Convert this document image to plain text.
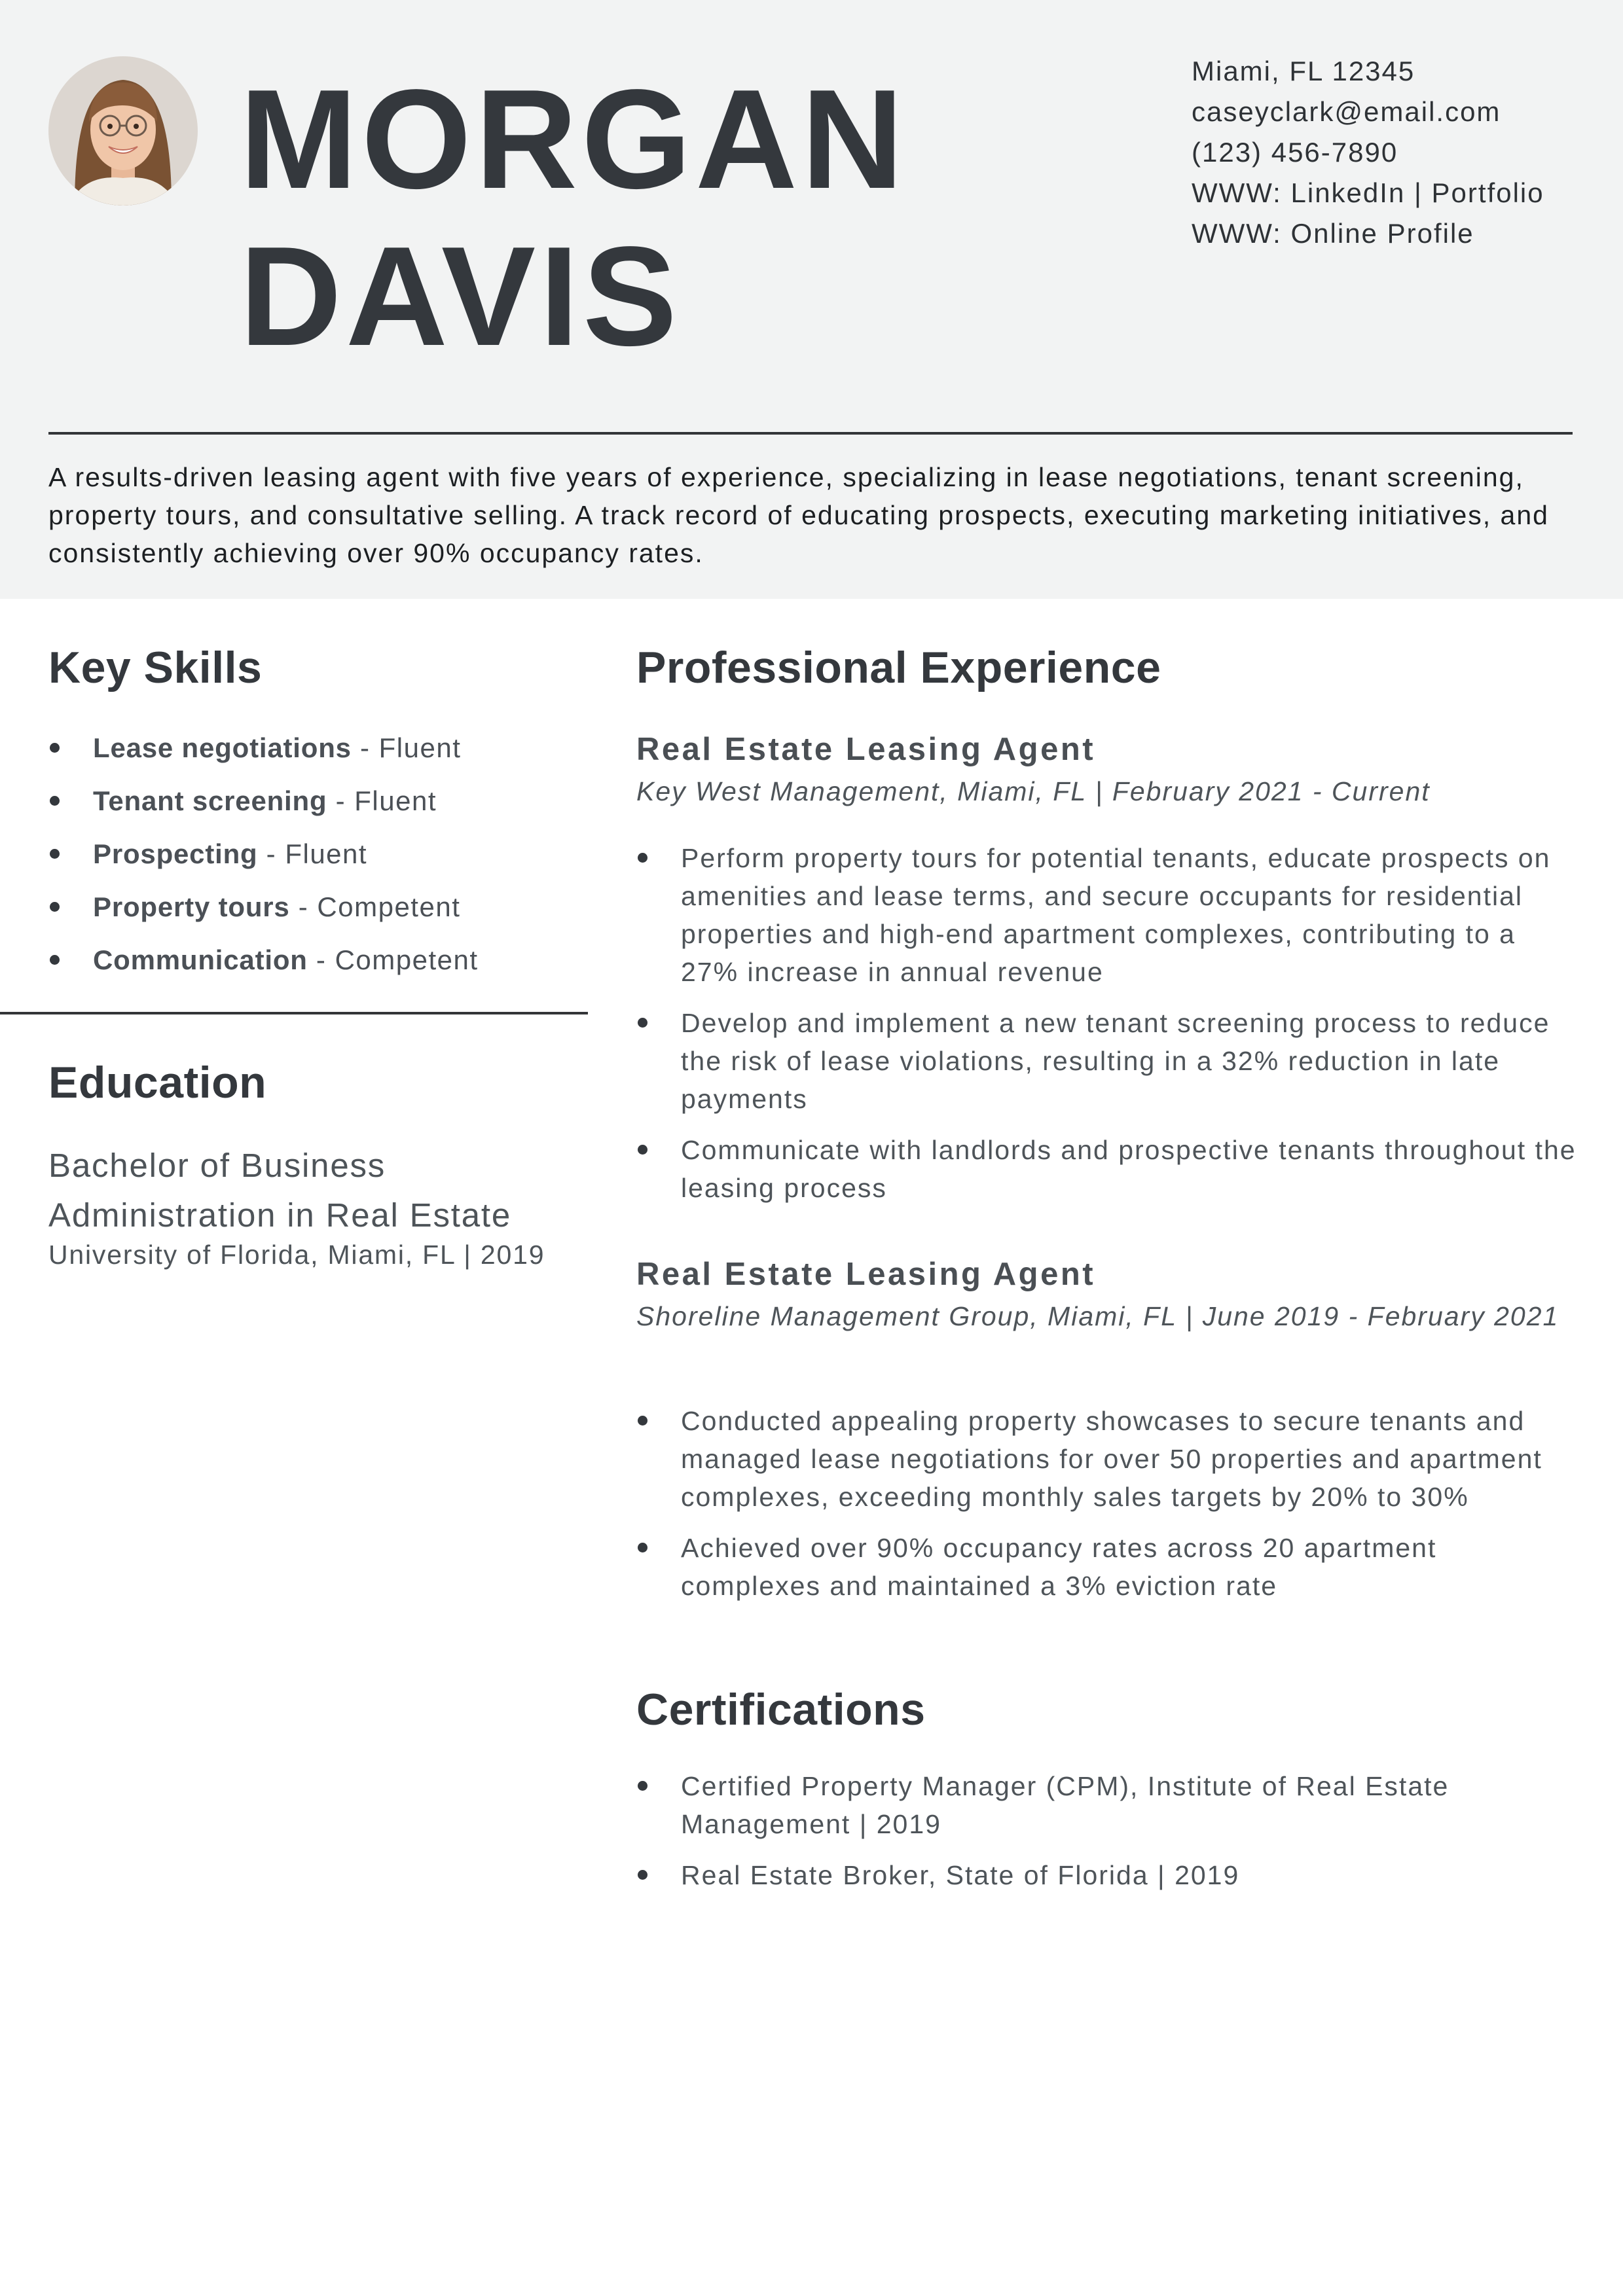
MORGAN
DAVIS
Miami, FL 12345
caseyclark@email.com
(123) 456-7890
WWW: LinkedIn | Portfolio
WWW: Online Profile

A results-driven leasing agent with five years of experience, specializing in lease negotiations, tenant screening, property tours, and consultative selling. A track record of educating prospects, executing marketing initiatives, and consistently achieving over 90% occupancy rates.

Key Skills
Lease negotiations - Fluent
Tenant screening - Fluent
Prospecting - Fluent
Property tours - Competent
Communication - Competent
Education

Bachelor of Business Administration in Real Estate

University of Florida, Miami, FL | 2019
Professional Experience
Real Estate Leasing Agent
Key West Management, Miami, FL | February 2021 - Current
Perform property tours for potential tenants, educate prospects on amenities and lease terms, and secure occupants for residential properties and high-end apartment complexes, contributing to a 27% increase in annual revenue
Develop and implement a new tenant screening process to reduce the risk of lease violations, resulting in a 32% reduction in late payments
Communicate with landlords and prospective tenants throughout the leasing process
Real Estate Leasing Agent
Shoreline Management Group, Miami, FL | June 2019 - February 2021
Conducted appealing property showcases to secure tenants and managed lease negotiations for over 50 properties and apartment complexes, exceeding monthly sales targets by 20% to 30%
Achieved over 90% occupancy rates across 20 apartment complexes and maintained a 3% eviction rate
Certifications
Certified Property Manager (CPM), Institute of Real Estate Management | 2019
Real Estate Broker, State of Florida | 2019
